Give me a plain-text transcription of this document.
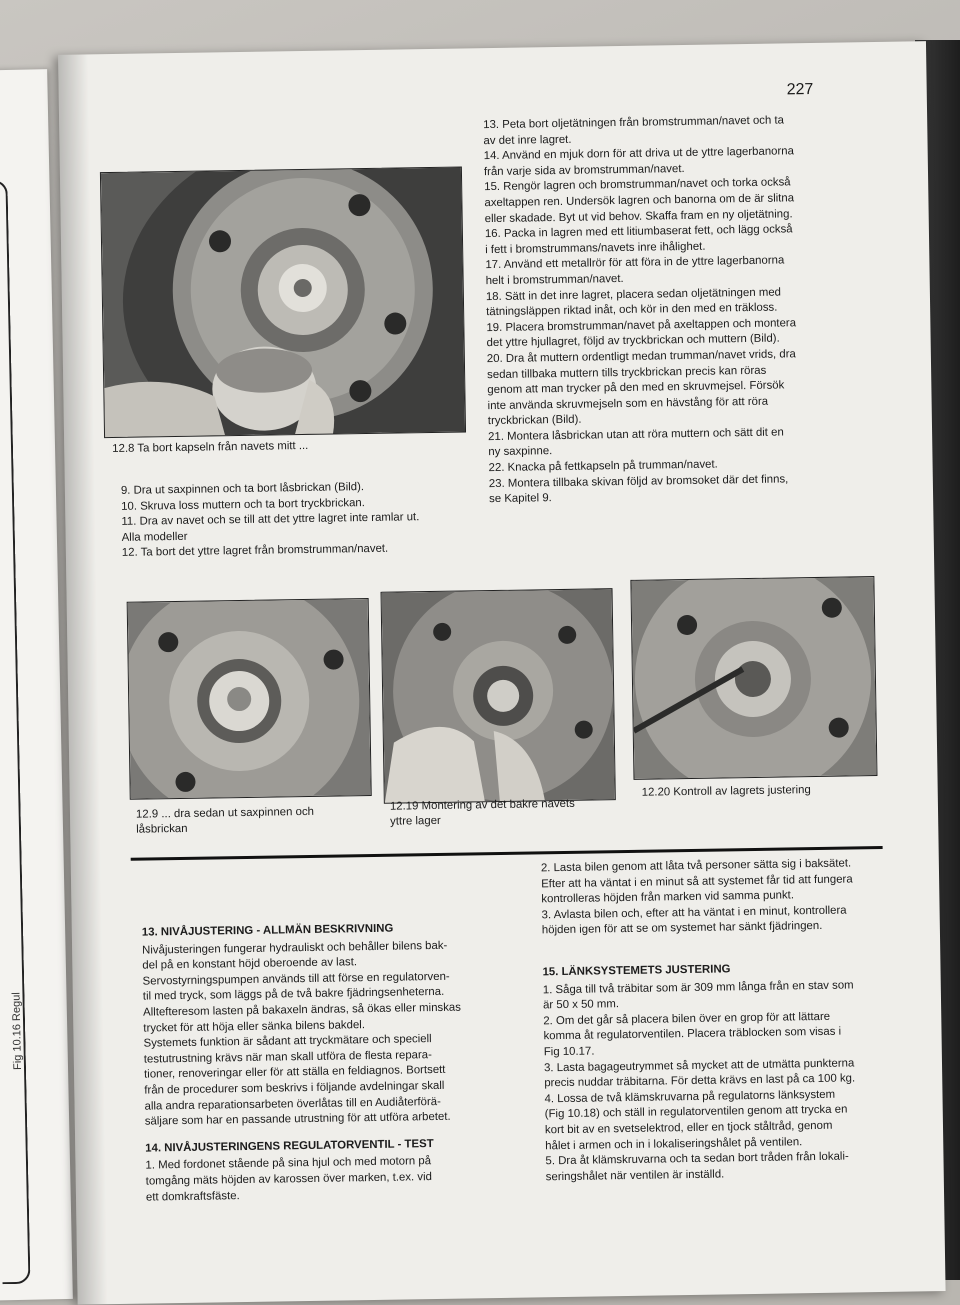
Fig 10.16 Regul
227
12.8 Ta bort kapseln från navets mitt ...
9. Dra ut saxpinnen och ta bort låsbrickan (Bild).
10. Skruva loss muttern och ta bort tryckbrickan.
11. Dra av navet och se till att det yttre lagret inte ramlar ut.
Alla modeller
12. Ta bort det yttre lagret från bromstrumman/navet.
13. Peta bort oljetätningen från bromstrumman/navet och ta
av det inre lagret.
14. Använd en mjuk dorn för att driva ut de yttre lagerbanorna
från varje sida av bromstrumman/navet.
15. Rengör lagren och bromstrumman/navet och torka också
axeltappen ren. Undersök lagren och banorna om de är slitna
eller skadade. Byt ut vid behov. Skaffa fram en ny oljetätning.
16. Packa in lagren med ett litiumbaserat fett, och lägg också
i fett i bromstrummans/navets inre ihålighet.
17. Använd ett metallrör för att föra in de yttre lagerbanorna
helt i bromstrumman/navet.
18. Sätt in det inre lagret, placera sedan oljetätningen med
tätningsläppen riktad inåt, och kör in den med en träkloss.
19. Placera bromstrumman/navet på axeltappen och montera
det yttre hjullagret, följd av tryckbrickan och muttern (Bild).
20. Dra åt muttern ordentligt medan trumman/navet vrids, dra
sedan tillbaka muttern tills tryckbrickan precis kan röras
genom att man trycker på den med en skruvmejsel. Försök
inte använda skruvmejseln som en hävstång för att röra
tryckbrickan (Bild).
21. Montera låsbrickan utan att röra muttern och sätt dit en
ny saxpinne.
22. Knacka på fettkapseln på trumman/navet.
23. Montera tillbaka skivan följd av bromsoket där det finns,
se Kapitel 9.
12.9 ... dra sedan ut saxpinnen och
låsbrickan
12.19 Montering av det bakre navets
yttre lager
12.20 Kontroll av lagrets justering
13. NIVÅJUSTERING - ALLMÄN BESKRIVNING
Nivåjusteringen fungerar hydrauliskt och behåller bilens bak-
del på en konstant höjd oberoende av last.
Servostyrningspumpen används till att förse en regulatorven-
til med tryck, som läggs på de två bakre fjädringsenheterna.
Alltefteresom lasten på bakaxeln ändras, så ökas eller minskas
trycket för att höja eller sänka bilens bakdel.
Systemets funktion är sådant att tryckmätare och speciell
testutrustning krävs när man skall utföra de flesta repara-
tioner, renoveringar eller för att ställa en feldiagnos. Bortsett
från de procedurer som beskrivs i följande avdelningar skall
alla andra reparationsarbeten överlåtas till en Audiåterförä-
säljare som har en passande utrustning för att utföra arbetet.
14. NIVÅJUSTERINGENS REGULATORVENTIL - TEST
1. Med fordonet stående på sina hjul och med motorn på
tomgång mäts höjden av karossen över marken, t.ex. vid
ett domkraftsfäste.
2. Lasta bilen genom att låta två personer sätta sig i baksätet.
Efter att ha väntat i en minut så att systemet får tid att fungera
kontrolleras höjden från marken vid samma punkt.
3. Avlasta bilen och, efter att ha väntat i en minut, kontrollera
höjden igen för att se om systemet har sänkt fjädringen.
15. LÄNKSYSTEMETS JUSTERING
1. Såga till två träbitar som är 309 mm långa från en stav som
är 50 x 50 mm.
2. Om det går så placera bilen över en grop för att lättare
komma åt regulatorventilen. Placera träblocken som visas i
Fig 10.17.
3. Lasta bagageutrymmet så mycket att de utmätta punkterna
precis nuddar träbitarna. För detta krävs en last på ca 100 kg.
4. Lossa de två klämskruvarna på regulatorns länksystem
(Fig 10.18) och ställ in regulatorventilen genom att trycka en
kort bit av en svetselektrod, eller en tjock ståltråd, genom
hålet i armen och in i lokaliseringshålet på ventilen.
5. Dra åt klämskruvarna och ta sedan bort tråden från lokali-
seringshålet när ventilen är inställd.
